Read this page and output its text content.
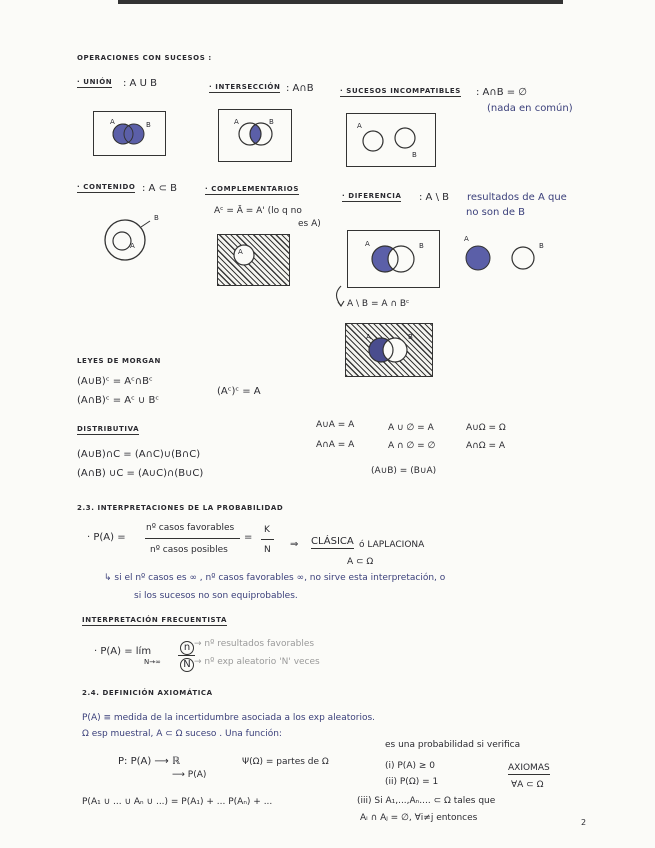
OPERACIONES CON SUCESOS :
· UNIÓN : A U B	· INTERSECCIÓN : A∩B	· SUCESOS INCOMPATIBLES : A∩B = ∅
(nada en común)
A	B	A	B	A
B
· CONTENIDO : A ⊂ B	· COMPLEMENTARIOS
Aᶜ = Ā = A' (lo q no
es A)
· DIFERENCIA : A \ B resultados de A que
no son de B
A
B
A
A	B
A
B
A \ B = A ∩ Bᶜ
A	B
LEYES DE MORGAN
(A∪B)ᶜ = Aᶜ∩Bᶜ
(A∩B)ᶜ = Aᶜ ∪ Bᶜ
(Aᶜ)ᶜ = A
DISTRIBUTIVA
(A∪B)∩C = (A∩C)∪(B∩C)
(A∩B) ∪C = (A∪C)∩(B∪C)
A∪A = A	A ∪ ∅ = A	A∪Ω = Ω
A∩A = A	A ∩ ∅ = ∅	A∩Ω = A
(A∪B) = (B∪A)
2.3. INTERPRETACIONES DE LA PROBABILIDAD
· P(A) =
nº casos favorables
nº casos posibles
=
K
N ⇒ CLÁSICA ó LAPLACIONA
A ⊂ Ω
↳ si el nº casos es ∞ , nº casos favorables ∞, no sirve esta interpretación, o
si los sucesos no son equiprobables.
INTERPRETACIÓN FRECUENTISTA
· P(A) = lím
N→∞
n
N
→ nº resultados favorables
→ nº exp aleatorio 'N' veces
2.4. DEFINICIÓN AXIOMÁTICA
P(A) ≡ medida de la incertidumbre asociada a los exp aleatorios.
Ω esp muestral, A ⊂ Ω suceso . Una función:
es una probabilidad si verifica
P: P(A) ⟶ ℝ
⟶ P(A)
Ψ(Ω) = partes de Ω	(i) P(A) ≥ 0
(ii) P(Ω) = 1
AXIOMAS
∀A ⊂ Ω
P(A₁ ∪ ... ∪ Aₙ ∪ ...) = P(A₁) + ... P(Aₙ) + ...	(iii) Si A₁,...,Aₙ.... ⊂ Ω tales que
Aᵢ ∩ Aⱼ = ∅, ∀i≠j entonces	2
